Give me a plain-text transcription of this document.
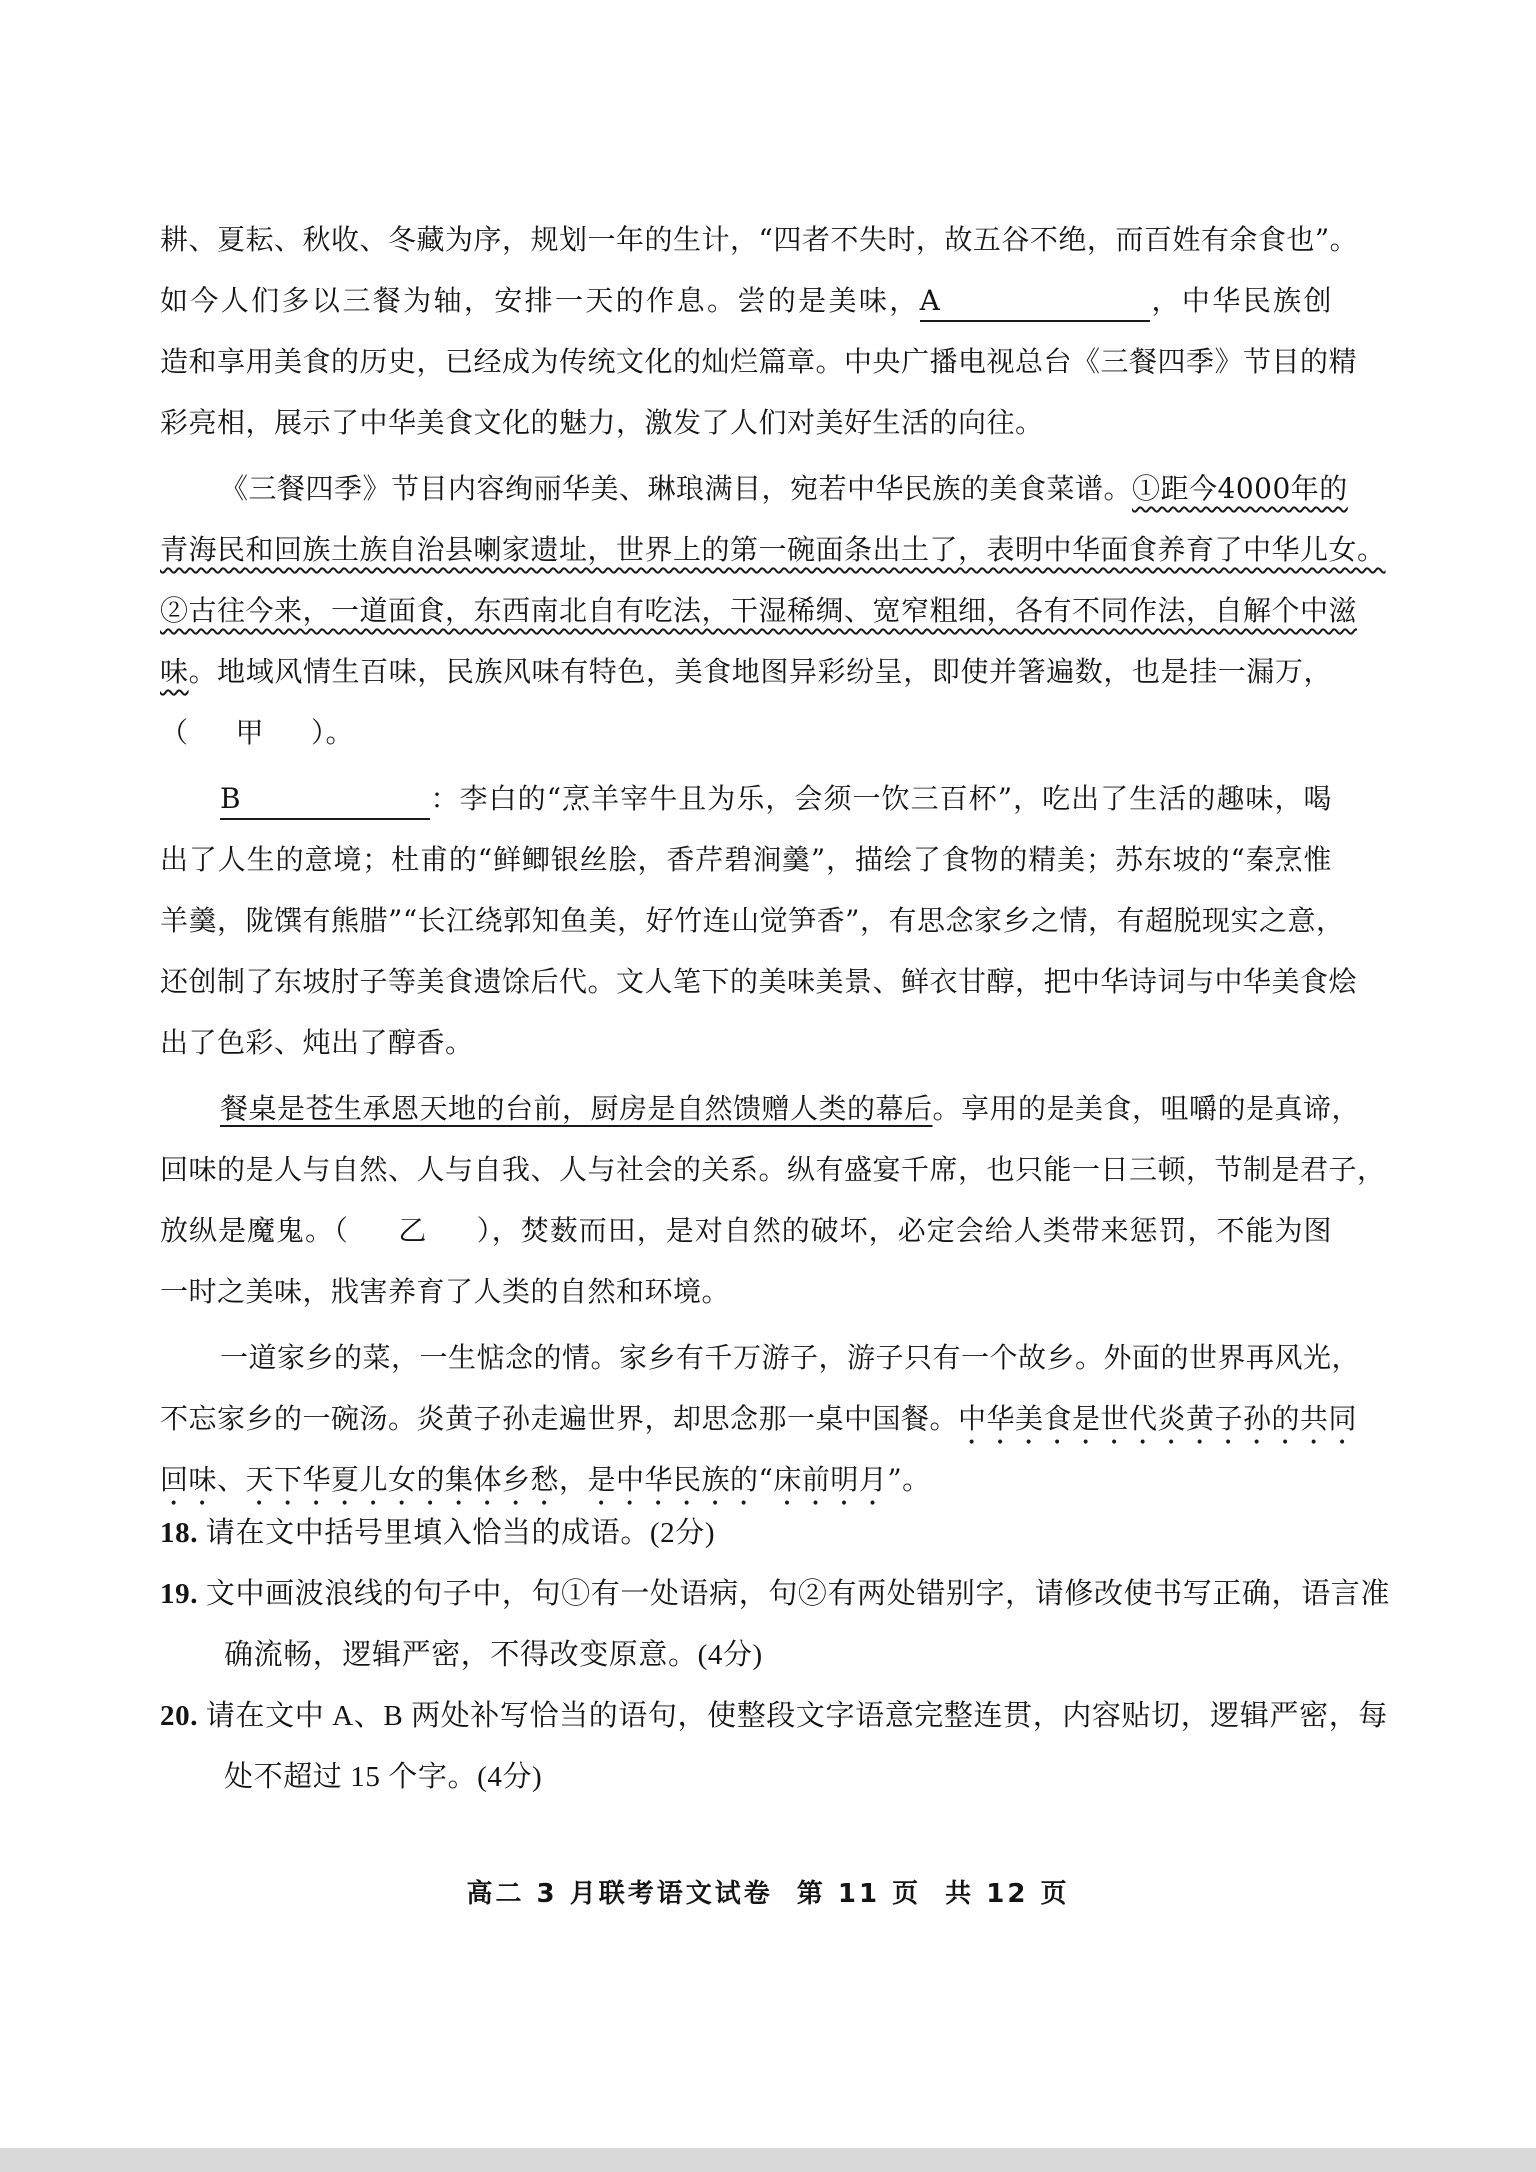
耕、夏耘、秋收、冬藏为序，规划一年的生计，“四者不失时，故五谷不绝，而百姓有余食也”。
如今人们多以三餐为轴，安排一天的作息。尝的是美味，A	，中华民族创
造和享用美食的历史，已经成为传统文化的灿烂篇章。中央广播电视总台《三餐四季》节目的精
彩亮相，展示了中华美食文化的魅力，激发了人们对美好生活的向往。
《三餐四季》节目内容绚丽华美、琳琅满目，宛若中华民族的美食菜谱。①距今4000年的
青海民和回族土族自治县喇家遗址，世界上的第一碗面条出土了，表明中华面食养育了中华儿女。
②古往今来，一道面食，东西南北自有吃法，干湿稀绸、宽窄粗细，各有不同作法，自解个中滋
味。地域风情生百味，民族风味有特色，美食地图异彩纷呈，即使并箸遍数，也是挂一漏万，
（     甲     ）。
B	：李白的“烹羊宰牛且为乐，会须一饮三百杯”，吃出了生活的趣味，喝
出了人生的意境；杜甫的“鲜鲫银丝脍，香芹碧涧羹”，描绘了食物的精美；苏东坡的“秦烹惟
羊羹，陇馔有熊腊”“长江绕郭知鱼美，好竹连山觉笋香”，有思念家乡之情，有超脱现实之意，
还创制了东坡肘子等美食遗馀后代。文人笔下的美味美景、鲜衣甘醇，把中华诗词与中华美食烩
出了色彩、炖出了醇香。
餐桌是苍生承恩天地的台前，厨房是自然馈赠人类的幕后。享用的是美食，咀嚼的是真谛，
回味的是人与自然、人与自我、人与社会的关系。纵有盛宴千席，也只能一日三顿，节制是君子，
放纵是魔鬼。（     乙     ），焚薮而田，是对自然的破坏，必定会给人类带来惩罚，不能为图
一时之美味，戕害养育了人类的自然和环境。
一道家乡的菜，一生惦念的情。家乡有千万游子，游子只有一个故乡。外面的世界再风光，
不忘家乡的一碗汤。炎黄子孙走遍世界，却思念那一桌中国餐。中华美食是世代炎黄子孙的共同
回味、天下华夏儿女的集体乡愁，是中华民族的“床前明月”。
18. 请在文中括号里填入恰当的成语。(2分)
19. 文中画波浪线的句子中，句①有一处语病，句②有两处错别字，请修改使书写正确，语言准
确流畅，逻辑严密，不得改变原意。(4分)
20. 请在文中 A、B 两处补写恰当的语句，使整段文字语意完整连贯，内容贴切，逻辑严密，每
处不超过 15 个字。(4分)
高二 3 月联考语文试卷  第 11 页  共 12 页
